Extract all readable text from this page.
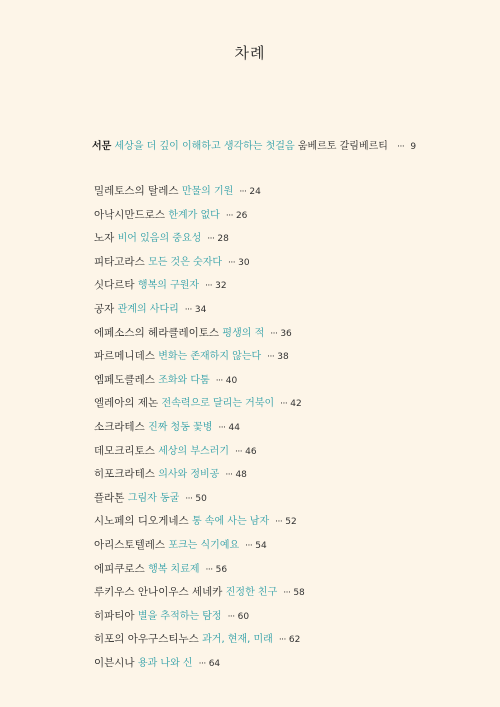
차례
서문 세상을 더 깊이 이해하고 생각하는 첫걸음 움베르토 갈림베르티 ··· 9
밀레토스의 탈레스 만물의 기원 ··· 24
아낙시만드로스 한계가 없다 ··· 26
노자 비어 있음의 중요성 ··· 28
피타고라스 모든 것은 숫자다 ··· 30
싯다르타 행복의 구원자 ··· 32
공자 관계의 사다리 ··· 34
에페소스의 헤라클레이토스 평생의 적 ··· 36
파르메니데스 변화는 존재하지 않는다 ··· 38
엠페도클레스 조화와 다툼 ··· 40
엘레아의 제논 전속력으로 달리는 거북이 ··· 42
소크라테스 진짜 청동 꽃병 ··· 44
데모크리토스 세상의 부스러기 ··· 46
히포크라테스 의사와 정비공 ··· 48
플라톤 그림자 동굴 ··· 50
시노페의 디오게네스 통 속에 사는 남자 ··· 52
아리스토텔레스 포크는 식기예요 ··· 54
에피쿠로스 행복 치료제 ··· 56
루키우스 안나이우스 세네카 진정한 친구 ··· 58
히파티아 별을 추적하는 탐정 ··· 60
히포의 아우구스티누스 과거, 현재, 미래 ··· 62
이븐시나 용과 나와 신 ··· 64
